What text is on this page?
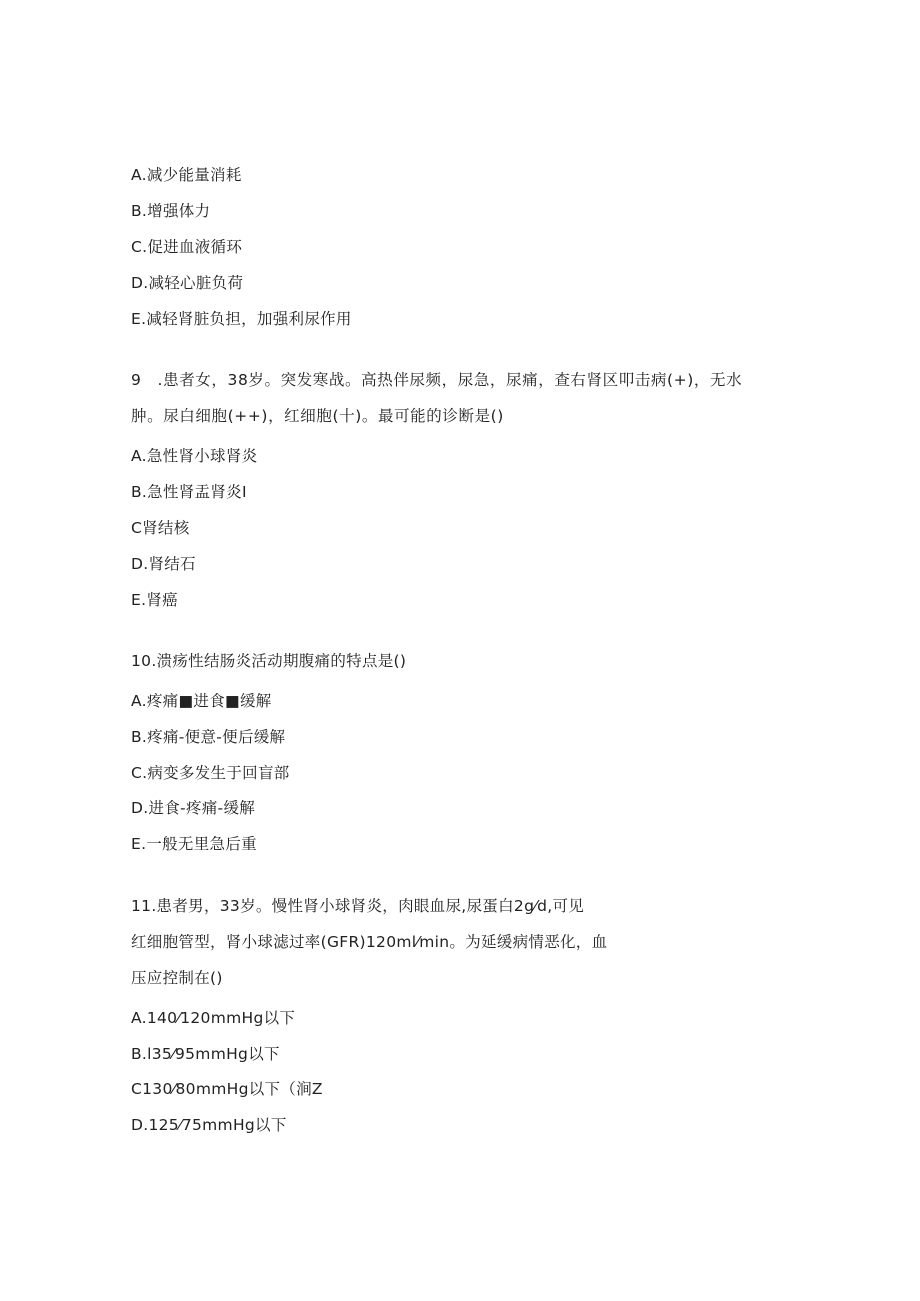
A.减少能量消耗
B.增强体力
C.促进血液循环
D.减轻心脏负荷
E.减轻肾脏负担，加强利尿作用
9　.患者女，38岁。突发寒战。高热伴尿频，尿急，尿痛，查右肾区叩击病(+)，无水
肿。尿白细胞(++)，红细胞(十)。最可能的诊断是()
A.急性肾小球肾炎
B.急性肾盂肾炎I
C肾结核
D.肾结石
E.肾癌
10.溃疡性结肠炎活动期腹痛的特点是()
A.疼痛■进食■缓解
B.疼痛-便意-便后缓解
C.病变多发生于回盲部
D.进食-疼痛-缓解
E.一般无里急后重
11.患者男，33岁。慢性肾小球肾炎，肉眼血尿,尿蛋白2g⁄d,可见
红细胞管型，肾小球滤过率(GFR)120ml⁄min。为延缓病情恶化，血
压应控制在()
A.140⁄120mmHg以下
B.l35⁄95mmHg以下
C130⁄80mmHg以下（涧Z
D.125⁄75mmHg以下
